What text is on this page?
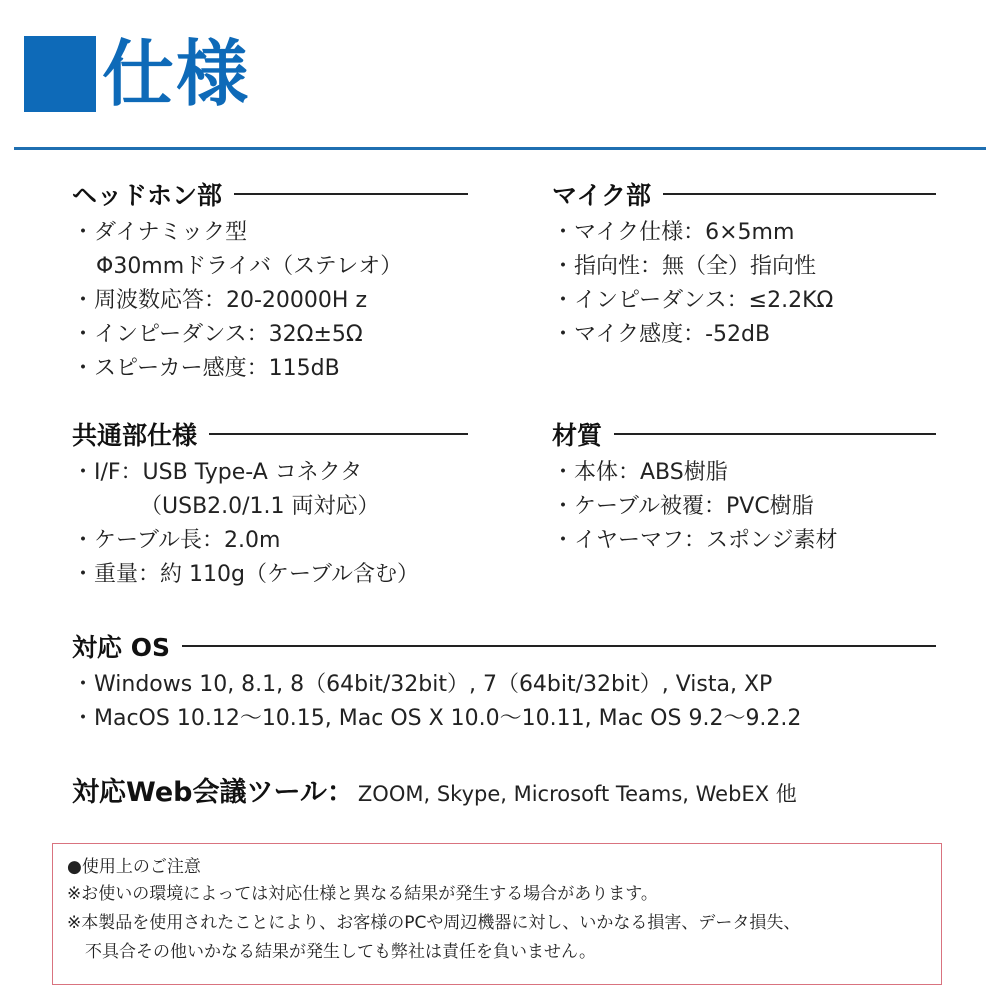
仕様
ヘッドホン部
・ダイナミック型
Φ30mmドライバ（ステレオ）
・周波数応答：20-20000H z
・インピーダンス：32Ω±5Ω
・スピーカー感度：115dB
マイク部
・マイク仕様：6×5mm
・指向性：無（全）指向性
・インピーダンス：≤2.2KΩ
・マイク感度：-52dB
共通部仕様
・I/F：USB Type-A コネクタ
（USB2.0/1.1 両対応）
・ケーブル長：2.0m
・重量：約 110g（ケーブル含む）
材質
・本体：ABS樹脂
・ケーブル被覆：PVC樹脂
・イヤーマフ：スポンジ素材
対応 OS
・Windows 10, 8.1, 8（64bit/32bit）, 7（64bit/32bit）, Vista, XP
・MacOS 10.12〜10.15, Mac OS X 10.0〜10.11, Mac OS 9.2〜9.2.2
対応Web会議ツール： ZOOM, Skype, Microsoft Teams, WebEX 他
●使用上のご注意
※お使いの環境によっては対応仕様と異なる結果が発生する場合があります。
※本製品を使用されたことにより、お客様のPCや周辺機器に対し、いかなる損害、データ損失、
不具合その他いかなる結果が発生しても弊社は責任を負いません。
